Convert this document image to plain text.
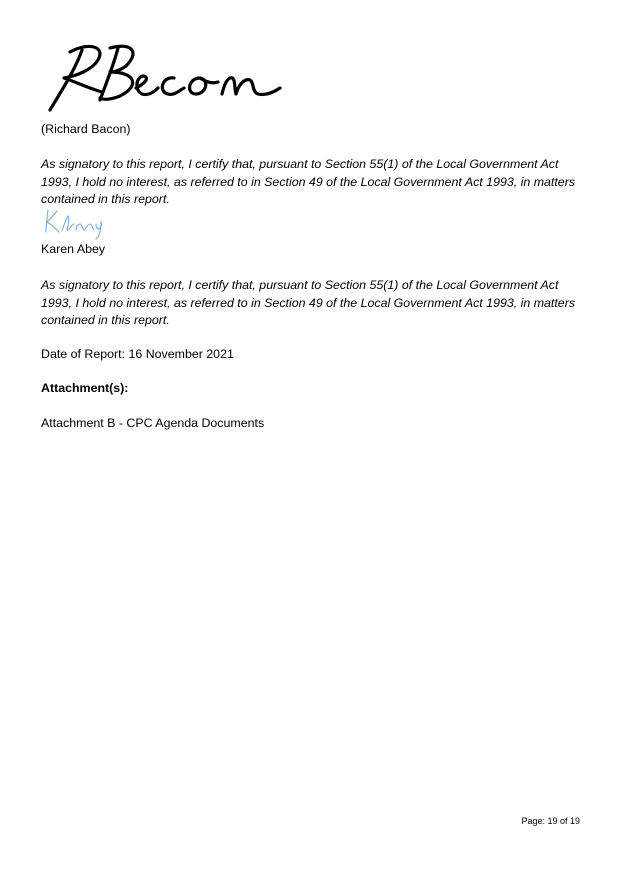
(Richard Bacon)
As signatory to this report, I certify that, pursuant to Section 55(1) of the Local Government Act
1993, I hold no interest, as referred to in Section 49 of the Local Government Act 1993, in matters
contained in this report.
Karen Abey
As signatory to this report, I certify that, pursuant to Section 55(1) of the Local Government Act
1993, I hold no interest, as referred to in Section 49 of the Local Government Act 1993, in matters
contained in this report.
Date of Report: 16 November 2021
Attachment(s):
Attachment B - CPC Agenda Documents
Page: 19 of 19
